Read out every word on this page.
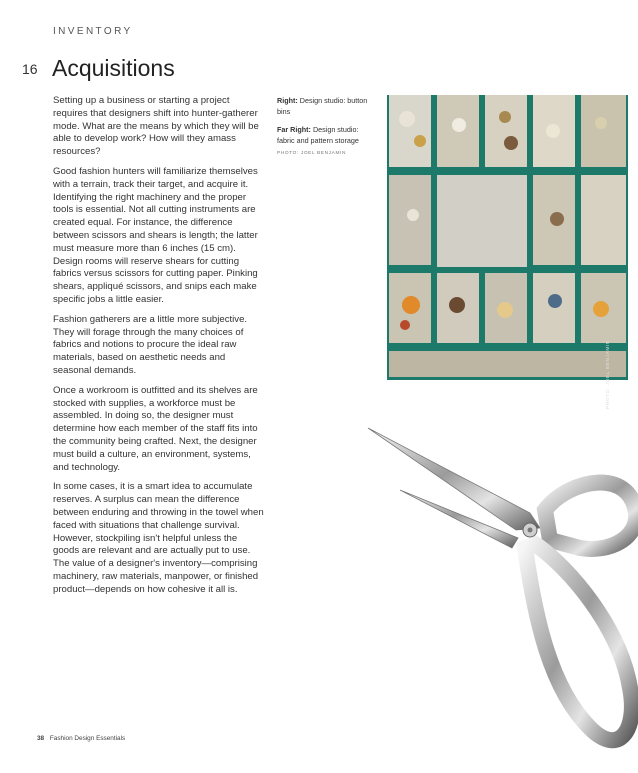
INVENTORY
16 Acquisitions

Setting up a business or starting a project requires that designers shift into hunter-gatherer mode. What are the means by which they will be able to develop work? How will they amass resources?

Good fashion hunters will familiarize themselves with a terrain, track their target, and acquire it. Identifying the right machinery and the proper tools is essential. Not all cutting instruments are created equal. For instance, the difference between scissors and shears is length; the latter must measure more than 6 inches (15 cm). Design rooms will reserve shears for cutting fabrics versus scissors for cutting paper. Pinking shears, appliqué scissors, and snips each make specific jobs a little easier.

Fashion gatherers are a little more subjective. They will forage through the many choices of fabrics and notions to procure the ideal raw materials, based on aesthetic needs and seasonal demands.

Once a workroom is outfitted and its shelves are stocked with supplies, a workforce must be assembled. In doing so, the designer must determine how each member of the staff fits into the community being crafted. Next, the designer must build a culture, an environment, systems, and technology.

In some cases, it is a smart idea to accumulate reserves. A surplus can mean the difference between enduring and throwing in the towel when faced with situations that challenge survival. However, stockpiling isn't helpful unless the goods are relevant and are actually put to use. The value of a designer's inventory—comprising machinery, raw materials, manpower, or finished product—depends on how cohesive it all is.

Right: Design studio: button bins

Far Right: Design studio: fabric and pattern storage
PHOTO: JOEL BENJAMIN

PHOTO: JOEL BENJAMIN
38 Fashion Design Essentials
